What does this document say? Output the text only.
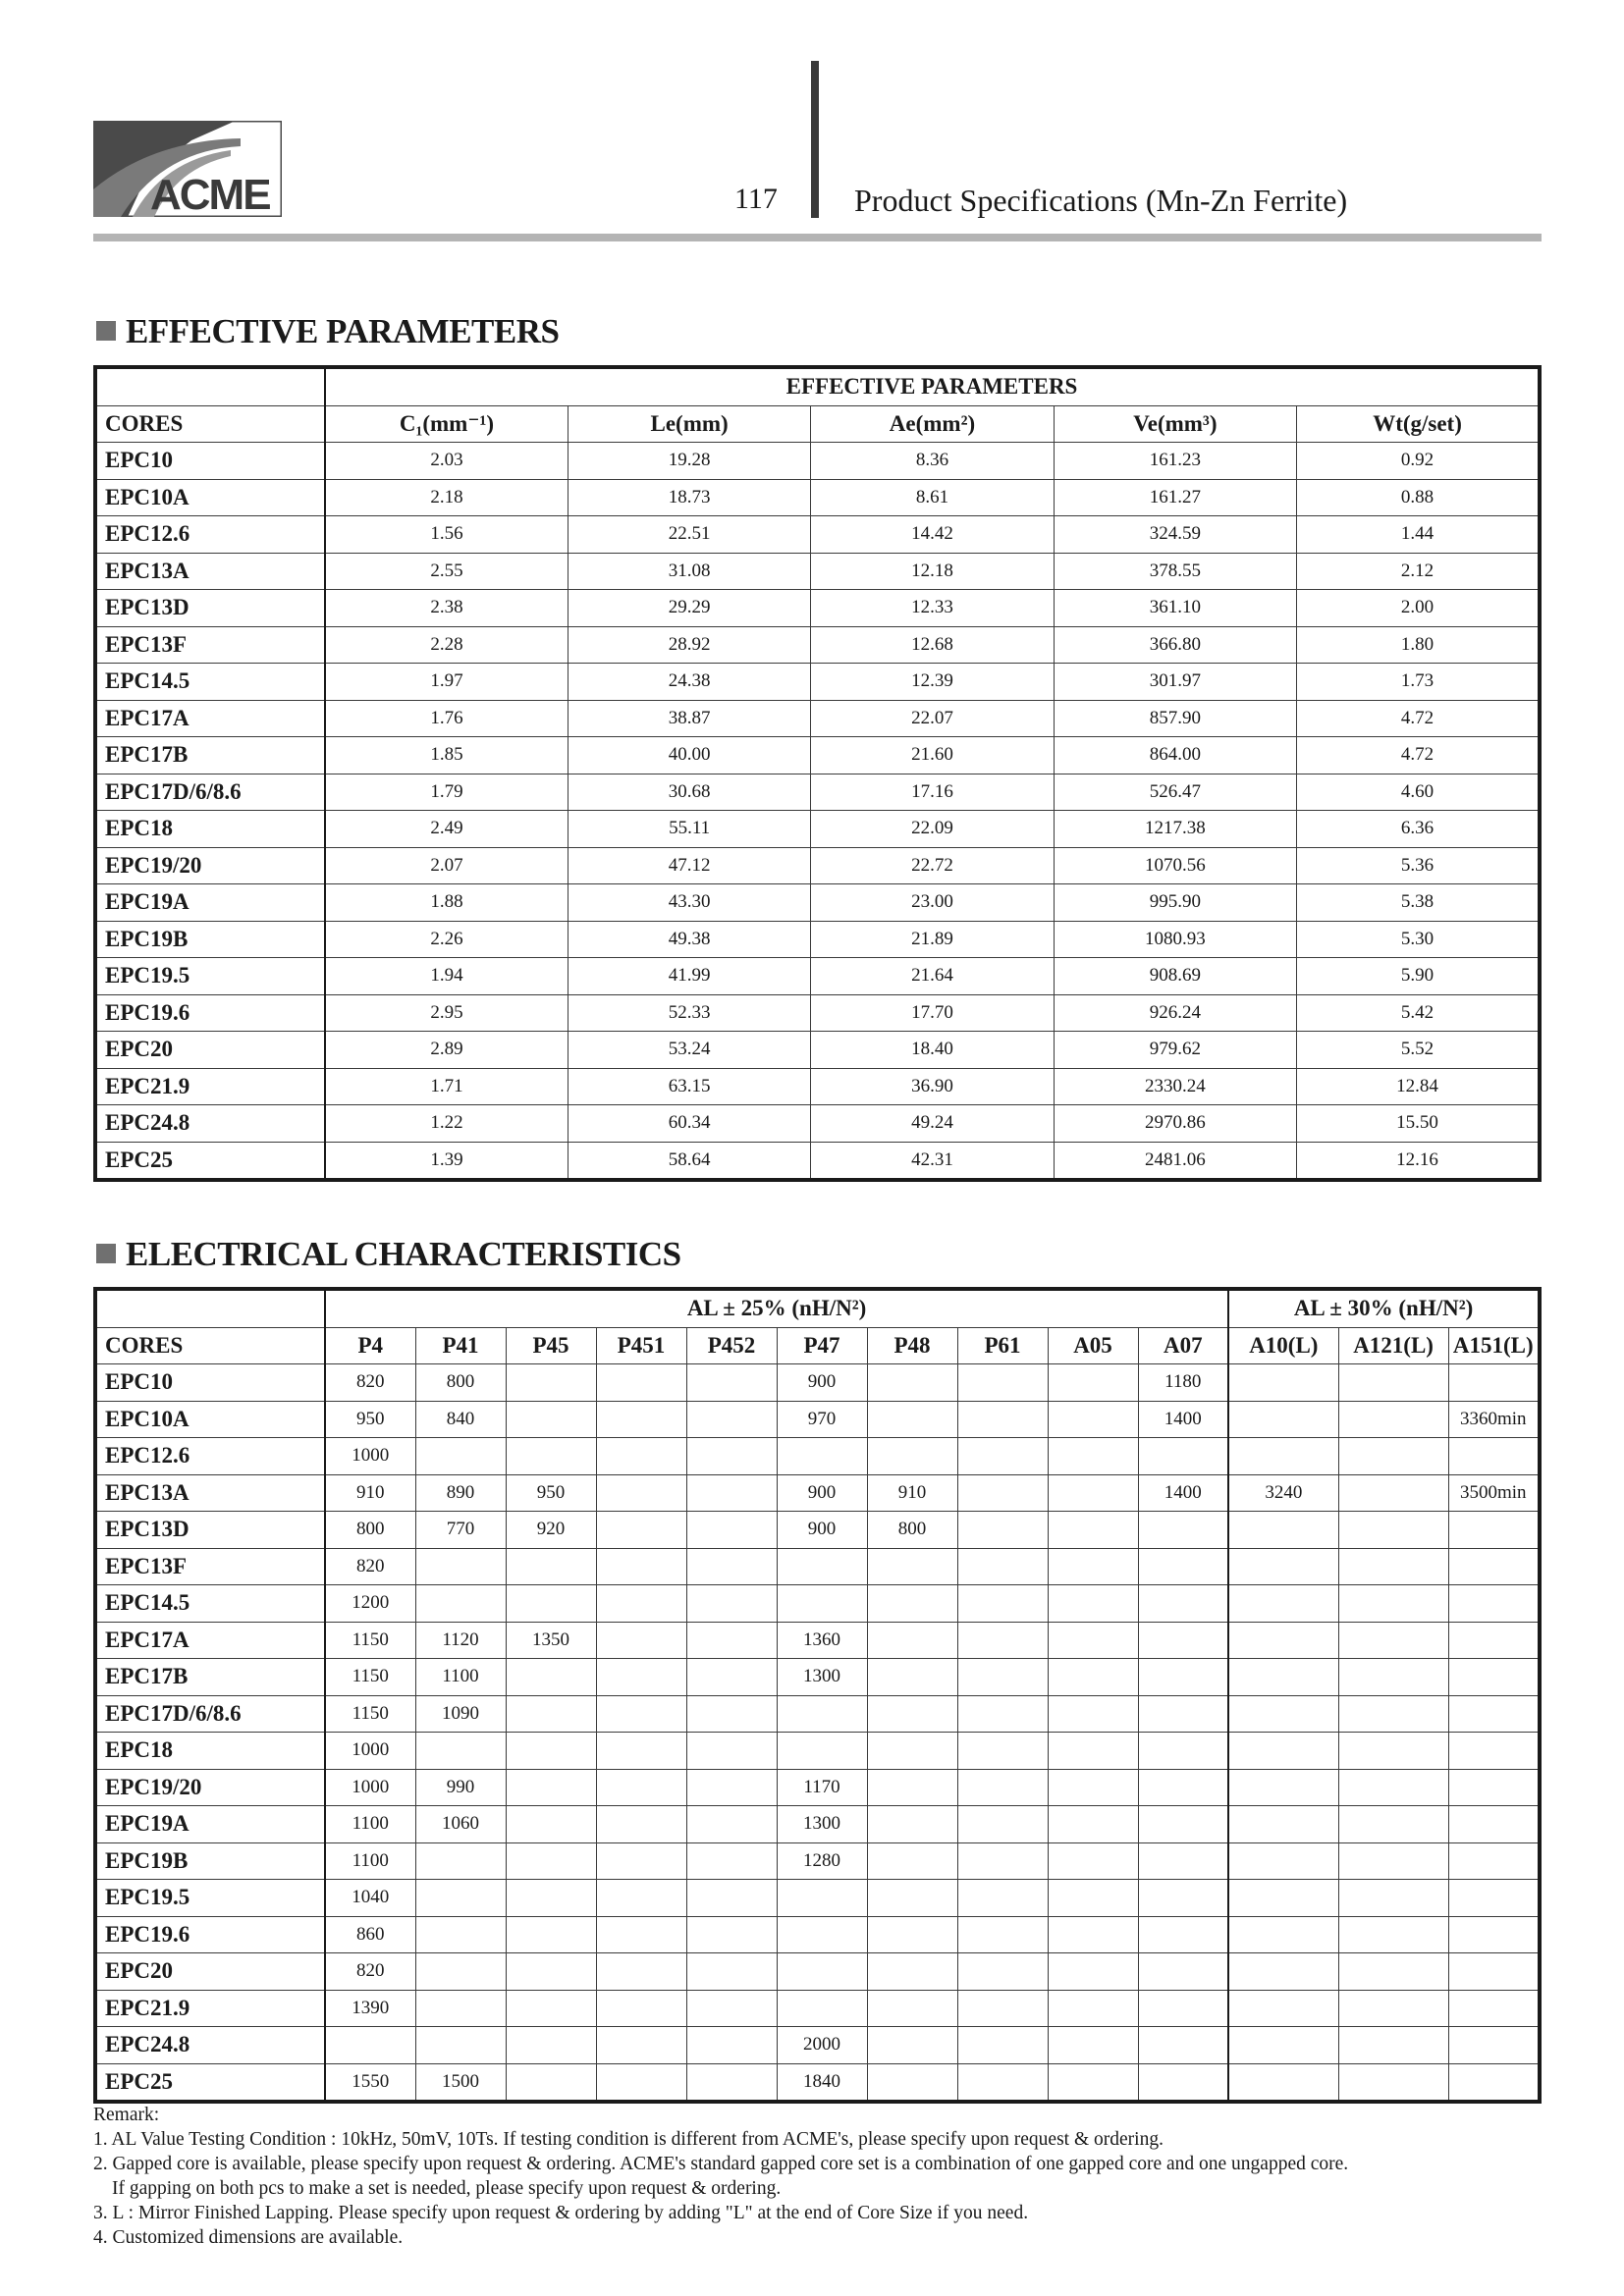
ACME	117 Product Specifications (Mn-Zn Ferrite)
EFFECTIVE PARAMETERS
	EFFECTIVE PARAMETERS				
CORES	C₁(mm⁻¹)	Le(mm)	Ae(mm²)	Ve(mm³)	Wt(g/set)
EPC10	2.03	19.28	8.36	161.23	0.92
EPC10A	2.18	18.73	8.61	161.27	0.88
EPC12.6	1.56	22.51	14.42	324.59	1.44
EPC13A	2.55	31.08	12.18	378.55	2.12
EPC13D	2.38	29.29	12.33	361.10	2.00
EPC13F	2.28	28.92	12.68	366.80	1.80
EPC14.5	1.97	24.38	12.39	301.97	1.73
EPC17A	1.76	38.87	22.07	857.90	4.72
EPC17B	1.85	40.00	21.60	864.00	4.72
EPC17D/6/8.6	1.79	30.68	17.16	526.47	4.60
EPC18	2.49	55.11	22.09	1217.38	6.36
EPC19/20	2.07	47.12	22.72	1070.56	5.36
EPC19A	1.88	43.30	23.00	995.90	5.38
EPC19B	2.26	49.38	21.89	1080.93	5.30
EPC19.5	1.94	41.99	21.64	908.69	5.90
EPC19.6	2.95	52.33	17.70	926.24	5.42
EPC20	2.89	53.24	18.40	979.62	5.52
EPC21.9	1.71	63.15	36.90	2330.24	12.84
EPC24.8	1.22	60.34	49.24	2970.86	15.50
EPC25	1.39	58.64	42.31	2481.06	12.16
ELECTRICAL CHARACTERISTICS
	AL ± 25% (nH/N²)										AL ± 30% (nH/N²)		
CORES	P4	P41	P45	P451	P452	P47	P48	P61	A05	A07	A10(L)	A121(L)	A151(L)
EPC10	820	800				900				1180			
EPC10A	950	840				970				1400			3360min
EPC12.6	1000												
EPC13A	910	890	950			900	910			1400	3240		3500min
EPC13D	800	770	920			900	800						
EPC13F	820												
EPC14.5	1200												
EPC17A	1150	1120	1350			1360							
EPC17B	1150	1100				1300							
EPC17D/6/8.6	1150	1090											
EPC18	1000												
EPC19/20	1000	990				1170							
EPC19A	1100	1060				1300							
EPC19B	1100					1280							
EPC19.5	1040												
EPC19.6	860												
EPC20	820												
EPC21.9	1390												
EPC24.8						2000							
EPC25	1550	1500				1840							
Remark:
1. AL Value Testing Condition : 10kHz, 50mV, 10Ts. If testing condition is different from ACME's, please specify upon request & ordering.
2. Gapped core is available, please specify upon request & ordering. ACME's standard gapped core set is a combination of one gapped core and one ungapped core.
If gapping on both pcs to make a set is needed, please specify upon request & ordering.
3. L : Mirror Finished Lapping. Please specify upon request & ordering by adding "L" at the end of Core Size if you need.
4. Customized dimensions are available.
